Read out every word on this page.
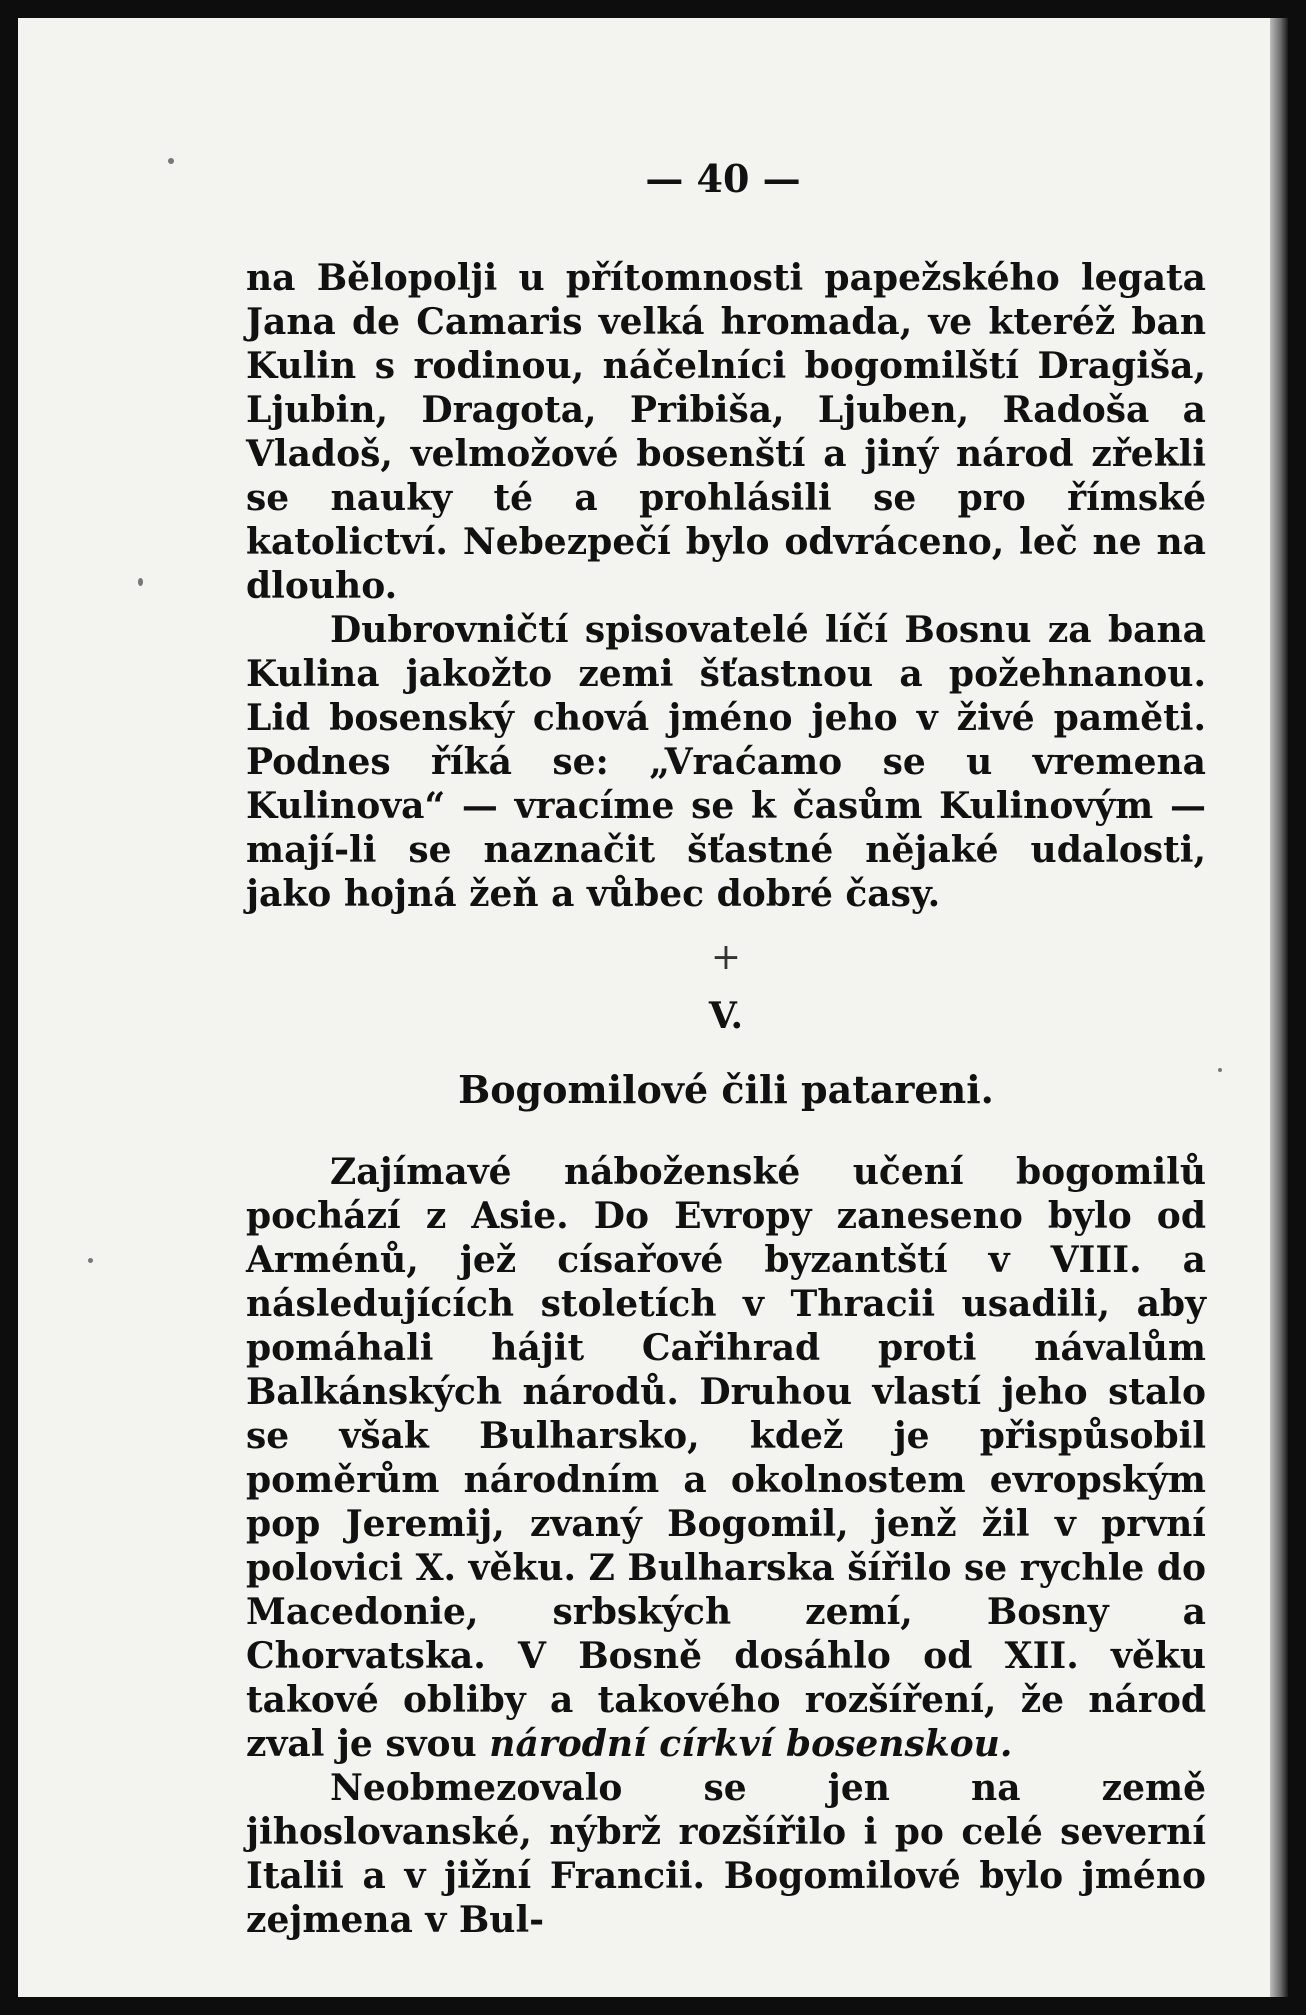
— 40 —

na Bělopolji u přítomnosti papežského legata Jana de Camaris velká hromada, ve kteréž ban Kulin s rodinou, náčelníci bogomilští Dragiša, Ljubin, Dragota, Pribiša, Ljuben, Radoša a Vladoš, velmožové bosenští a jiný národ zřekli se nauky té a prohlásili se pro římské katolictví. Nebezpečí bylo odvráceno, leč ne na dlouho.

Dubrovničtí spisovatelé líčí Bosnu za bana Kulina jakožto zemi šťastnou a požehnanou. Lid bosenský chová jméno jeho v živé paměti. Podnes říká se: „Vraćamo se u vremena Kulinova“ — vracíme se k časům Kulinovým — mají-li se naznačit šťastné nějaké udalosti, jako hojná žeň a vůbec dobré časy.

+
V.
Bogomilové čili patareni.

Zajímavé náboženské učení bogomilů pochází z Asie. Do Evropy zaneseno bylo od Arménů, jež císařové byzantští v VIII. a následujících stoletích v Thracii usadili, aby pomáhali hájit Cařihrad proti návalům Balkánských národů. Druhou vlastí jeho stalo se však Bulharsko, kdež je přispůsobil poměrům národním a okolnostem evropským pop Jeremij, zvaný Bogomil, jenž žil v první polovici X. věku. Z Bulharska šířilo se rychle do Macedonie, srbských zemí, Bosny a Chorvatska. V Bosně dosáhlo od XII. věku takové obliby a takového rozšíření, že národ zval je svou národní církví bosenskou.

Neobmezovalo se jen na země jihoslovanské, nýbrž rozšířilo i po celé severní Italii a v jižní Francii. Bogomilové bylo jméno zejmena v Bul-
